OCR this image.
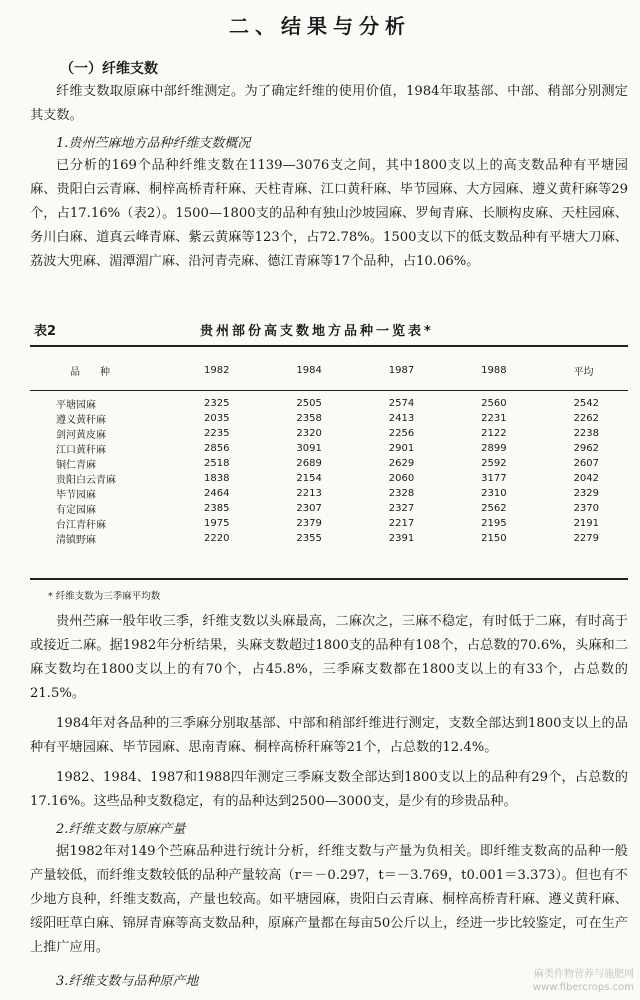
二、结果与分析
（一）纤维支数

纤维支数取原麻中部纤维测定。为了确定纤维的使用价值，1984年取基部、中部、稍部分别测定其支数。

1.贵州苎麻地方品种纤维支数概况

已分析的169个品种纤维支数在1139—3076支之间，其中1800支以上的高支数品种有平塘园麻、贵阳白云青麻、桐梓高桥青秆麻、天柱青麻、江口黄秆麻、毕节园麻、大方园麻、遵义黄秆麻等29个，占17.16%（表2）。1500—1800支的品种有独山沙坡园麻、罗甸青麻、长顺构皮麻、天柱园麻、务川白麻、道真云峰青麻、紫云黄麻等123个，占72.78%。1500支以下的低支数品种有平塘大刀麻、荔波大兜麻、湄潭湄广麻、沿河青壳麻、德江青麻等17个品种，占10.06%。

表2	贵州部份高支数地方品种一览表*
品　　种	1982	1984	1987	1988	平均
平塘园麻	2325	2505	2574	2560	2542
遵义黄秆麻	2035	2358	2413	2231	2262
剑河黄皮麻	2235	2320	2256	2122	2238
江口黄秆麻	2856	3091	2901	2899	2962
铜仁青麻	2518	2689	2629	2592	2607
贵阳白云青麻	1838	2154	2060	3177	2042
毕节园麻	2464	2213	2328	2310	2329
有定园麻	2385	2307	2327	2562	2370
台江青秆麻	1975	2379	2217	2195	2191
清镇野麻	2220	2355	2391	2150	2279
* 纤维支数为三季麻平均数

贵州苎麻一般年收三季，纤维支数以头麻最高，二麻次之，三麻不稳定，有时低于二麻，有时高于或接近二麻。据1982年分析结果，头麻支数超过1800支的品种有108个，占总数的70.6%，头麻和二麻支数均在1800支以上的有70个，占45.8%，三季麻支数都在1800支以上的有33个，占总数的21.5%。

1984年对各品种的三季麻分别取基部、中部和稍部纤维进行测定，支数全部达到1800支以上的品种有平塘园麻、毕节园麻、思南青麻、桐梓高桥秆麻等21个，占总数的12.4%。

1982、1984、1987和1988四年测定三季麻支数全部达到1800支以上的品种有29个，占总数的17.16%。这些品种支数稳定，有的品种达到2500—3000支，是少有的珍贵品种。

2.纤维支数与原麻产量

据1982年对149个苎麻品种进行统计分析，纤维支数与产量为负相关。即纤维支数高的品种一般产量较低，而纤维支数较低的品种产量较高（r＝－0.297，t＝－3.769，t0.001＝3.373）。但也有不少地方良种，纤维支数高，产量也较高。如平塘园麻，贵阳白云青麻、桐梓高桥青秆麻、遵义黄秆麻、绥阳旺草白麻、锦屏青麻等高支数品种，原麻产量都在每亩50公斤以上，经进一步比较鉴定，可在生产上推广应用。

3.纤维支数与品种原产地	麻类作物营养与施肥网
www.fibercrops.com
